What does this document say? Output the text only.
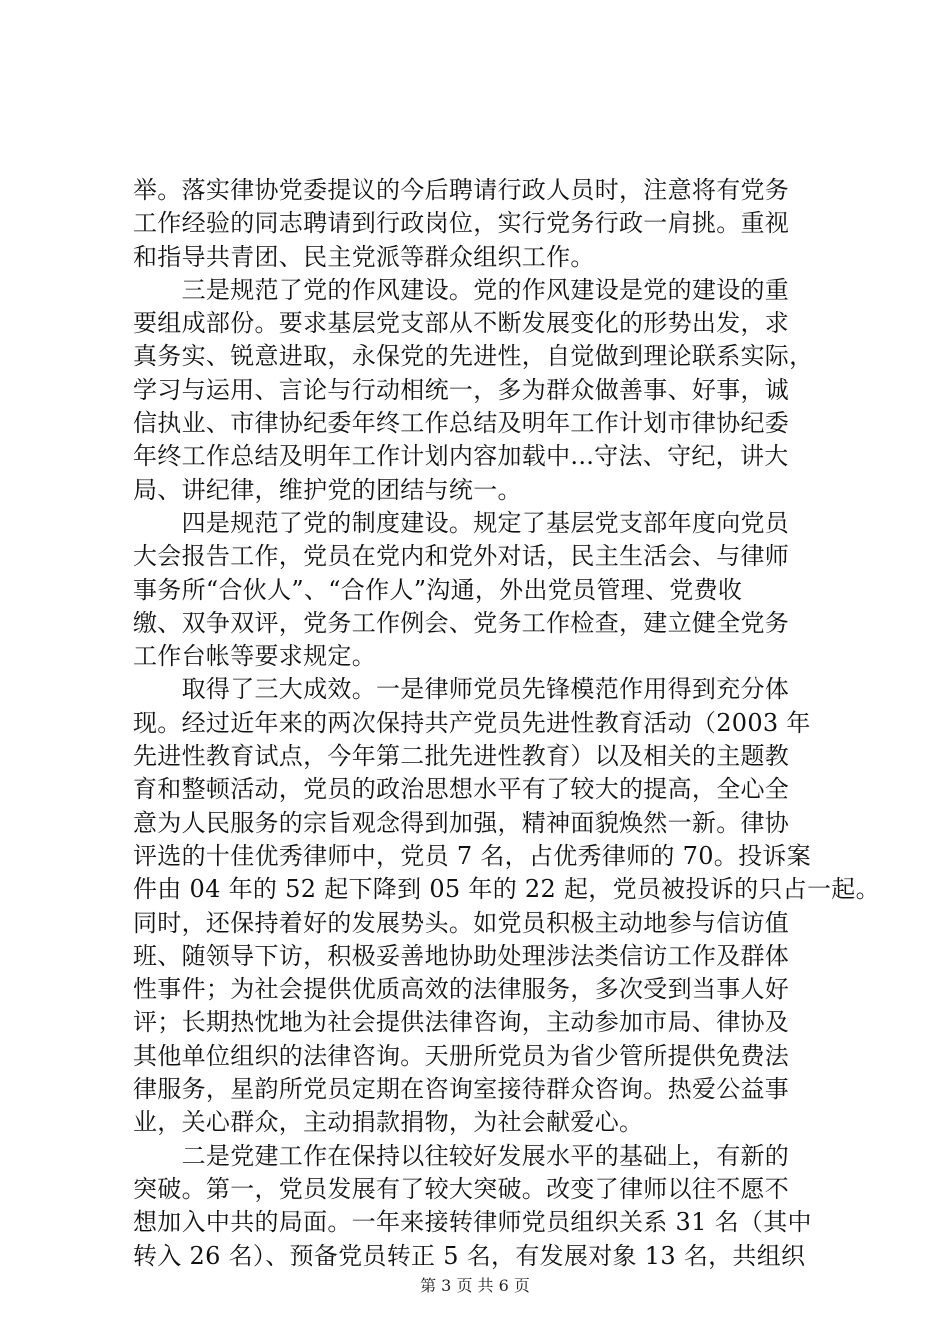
举。落实律协党委提议的今后聘请行政人员时，注意将有党务
工作经验的同志聘请到行政岗位，实行党务行政一肩挑。重视
和指导共青团、民主党派等群众组织工作。
　　三是规范了党的作风建设。党的作风建设是党的建设的重
要组成部份。要求基层党支部从不断发展变化的形势出发，求
真务实、锐意进取，永保党的先进性，自觉做到理论联系实际，
学习与运用、言论与行动相统一，多为群众做善事、好事，诚
信执业、市律协纪委年终工作总结及明年工作计划市律协纪委
年终工作总结及明年工作计划内容加载中...守法、守纪，讲大
局、讲纪律，维护党的团结与统一。
　　四是规范了党的制度建设。规定了基层党支部年度向党员
大会报告工作，党员在党内和党外对话，民主生活会、与律师
事务所“合伙人”、“合作人”沟通，外出党员管理、党费收
缴、双争双评，党务工作例会、党务工作检查，建立健全党务
工作台帐等要求规定。
　　取得了三大成效。一是律师党员先锋模范作用得到充分体
现。经过近年来的两次保持共产党员先进性教育活动（2003 年
先进性教育试点，今年第二批先进性教育）以及相关的主题教
育和整顿活动，党员的政治思想水平有了较大的提高，全心全
意为人民服务的宗旨观念得到加强，精神面貌焕然一新。律协
评选的十佳优秀律师中，党员 7 名，占优秀律师的 70。投诉案
件由 04 年的 52 起下降到 05 年的 22 起，党员被投诉的只占一起。
同时，还保持着好的发展势头。如党员积极主动地参与信访值
班、随领导下访，积极妥善地协助处理涉法类信访工作及群体
性事件；为社会提供优质高效的法律服务，多次受到当事人好
评；长期热忱地为社会提供法律咨询，主动参加市局、律协及
其他单位组织的法律咨询。天册所党员为省少管所提供免费法
律服务，星韵所党员定期在咨询室接待群众咨询。热爱公益事
业，关心群众，主动捐款捐物，为社会献爱心。
　　二是党建工作在保持以往较好发展水平的基础上，有新的
突破。第一，党员发展有了较大突破。改变了律师以往不愿不
想加入中共的局面。一年来接转律师党员组织关系 31 名（其中
转入 26 名）、预备党员转正 5 名，有发展对象 13 名，共组织
第 3 页 共 6 页
